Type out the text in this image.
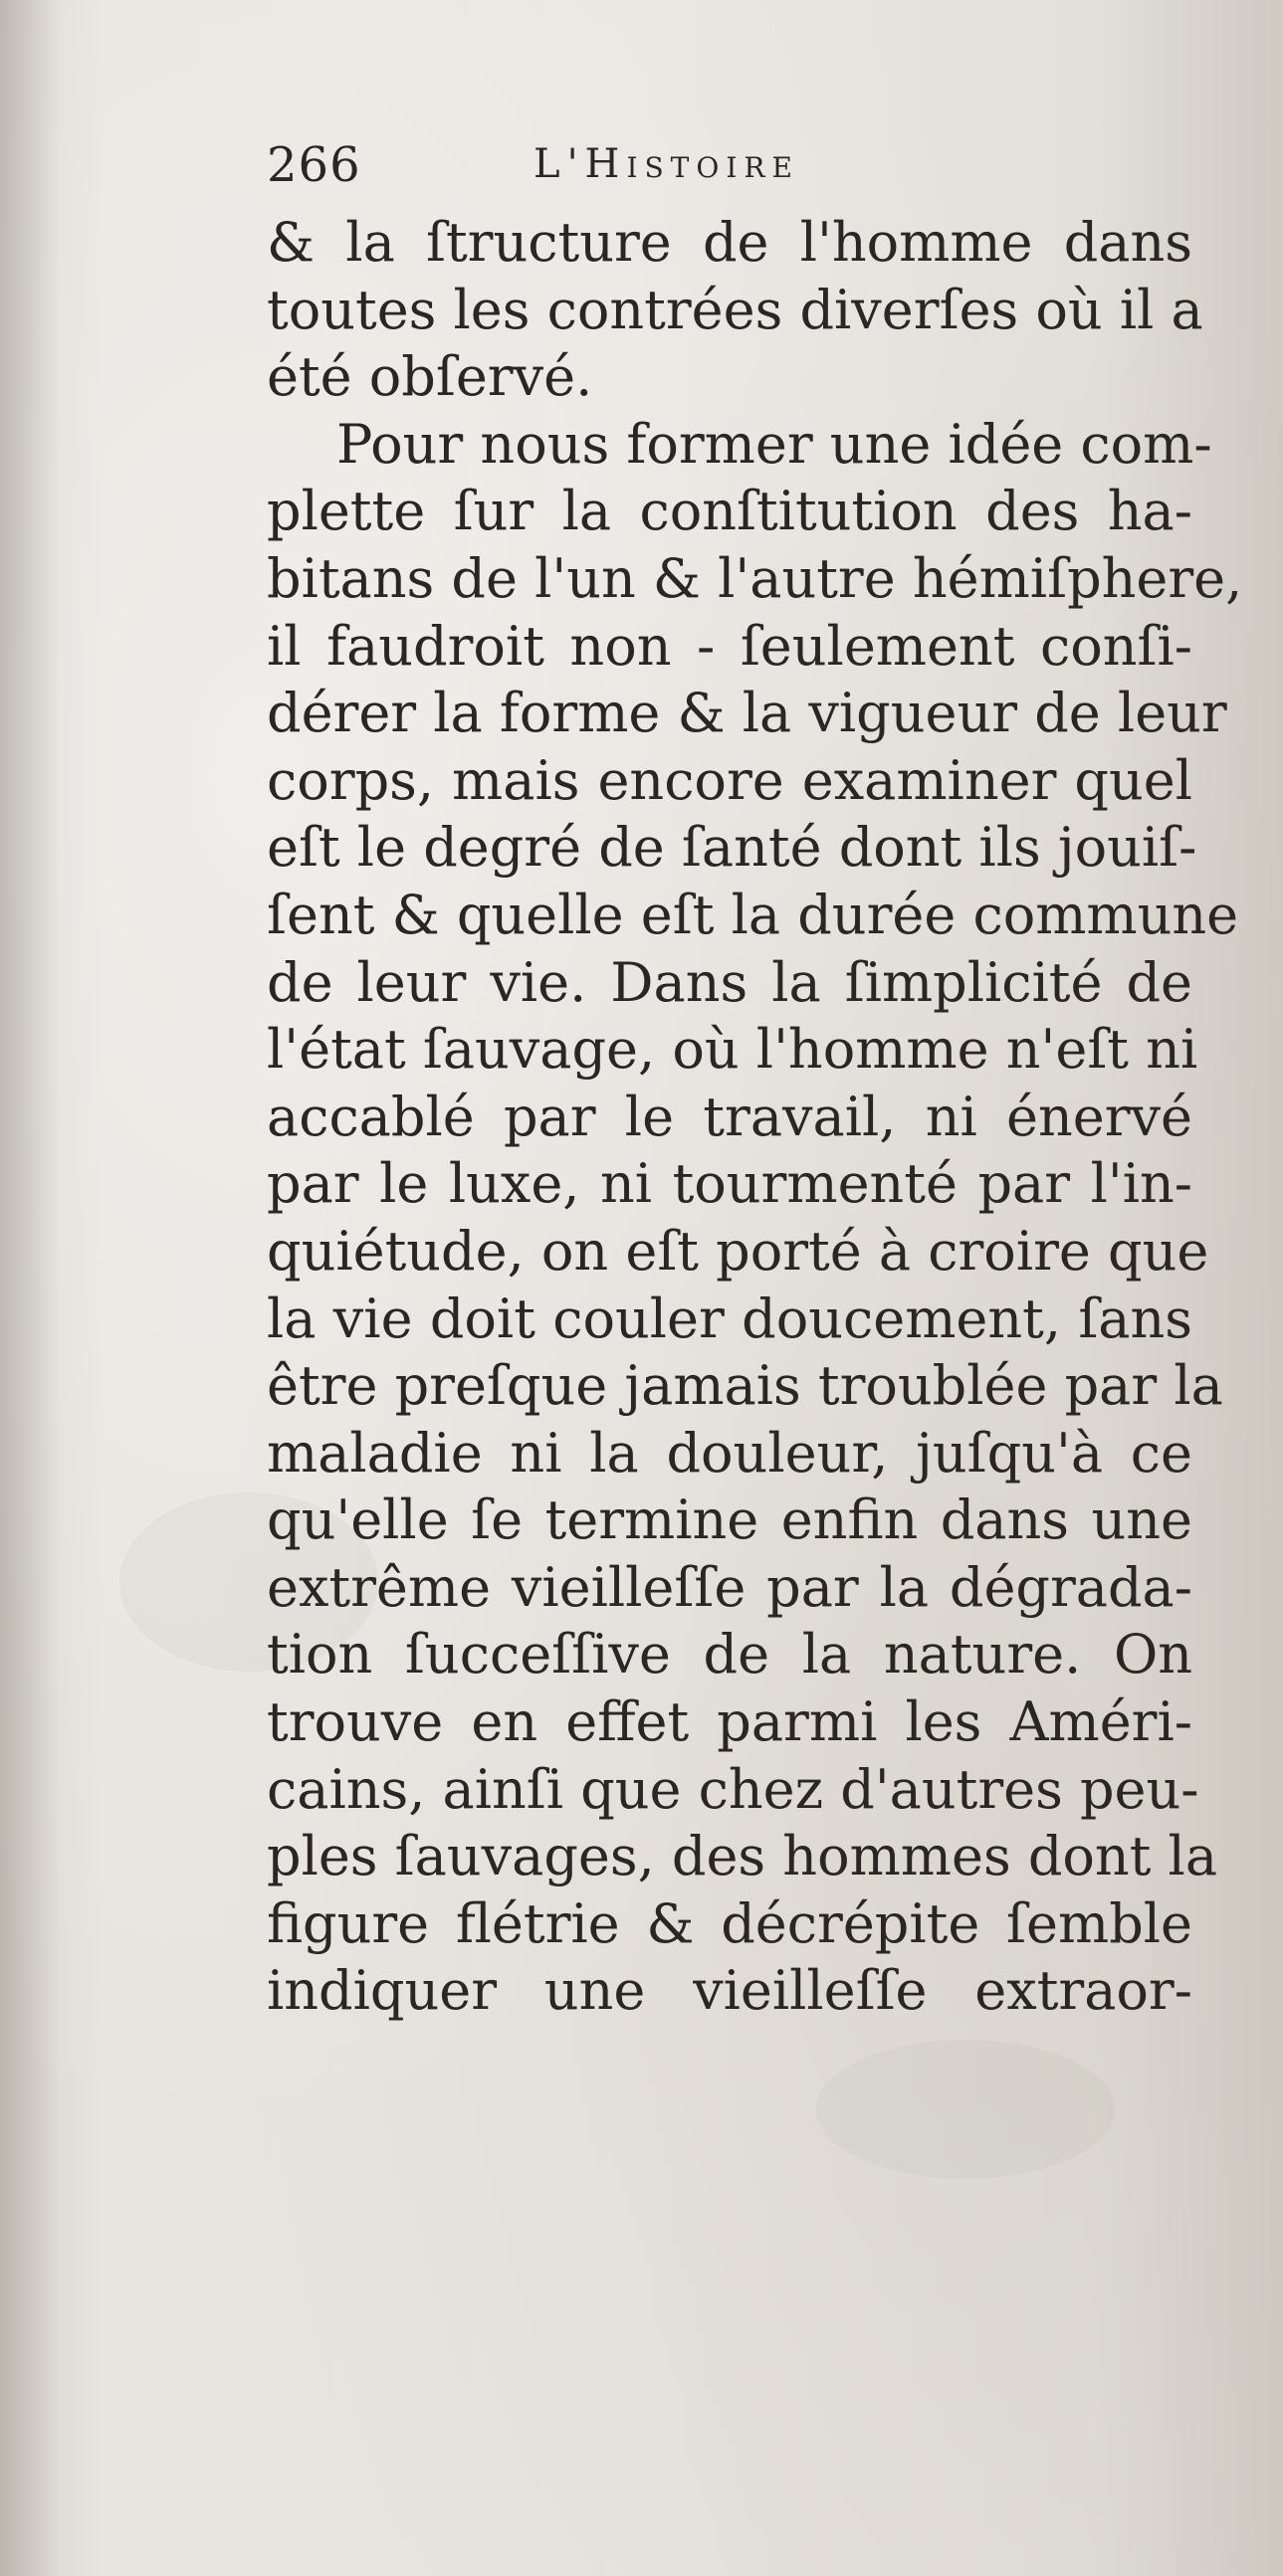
266	L'Histoire
& la ſtructure de l'homme dans
toutes les contrées diverſes où il a
été obſervé.
Pour nous former une idée com-
plette ſur la conſtitution des ha-
bitans de l'un & l'autre hémiſphere,
il faudroit non - ſeulement conſi-
dérer la forme & la vigueur de leur
corps, mais encore examiner quel
eſt le degré de ſanté dont ils jouiſ-
ſent & quelle eſt la durée commune
de leur vie. Dans la ſimplicité de
l'état ſauvage, où l'homme n'eſt ni
accablé par le travail, ni énervé
par le luxe, ni tourmenté par l'in-
quiétude, on eſt porté à croire que
la vie doit couler doucement, ſans
être preſque jamais troublée par la
maladie ni la douleur, juſqu'à ce
qu'elle ſe termine enfin dans une
extrême vieilleſſe par la dégrada-
tion ſucceſſive de la nature. On
trouve en effet parmi les Améri-
cains, ainſi que chez d'autres peu-
ples ſauvages, des hommes dont la
figure flétrie & décrépite ſemble
indiquer une vieilleſſe extraor-
